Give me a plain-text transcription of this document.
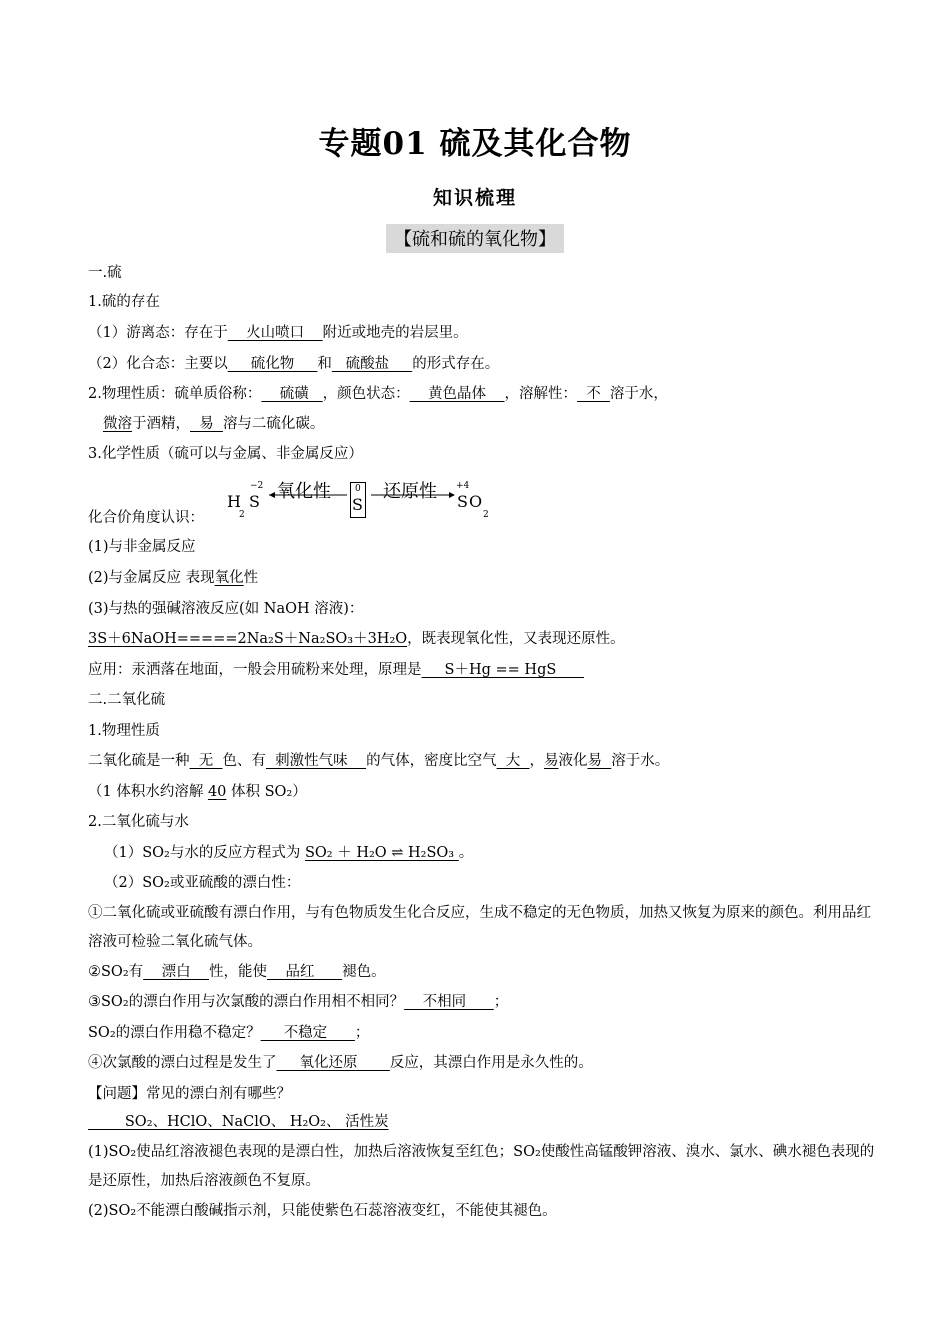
专题01 硫及其化合物
知识梳理
【硫和硫的氧化物】
一.硫
1.硫的存在
（1）游离态：存在于    火山喷口    附近或地壳的岩层里。
（2）化合态：主要以     硫化物     和   硫酸盐     的形式存在。
2.物理性质：硫单质俗称：    硫磺   ，颜色状态：    黄色晶体    ，溶解性：  不  溶于水，
微溶于酒精，  易  溶与二硫化碳。
3.化学性质（硫可以与金属、非金属反应）
化合价角度认识：
H
2
S
−2 氧化性	0
S
还原性 +4
S O
2
(1)与非金属反应
(2)与金属反应 表现氧化性
(3)与热的强碱溶液反应(如 NaOH 溶液)：
3S＋6NaOH=====2Na₂S＋Na₂SO₃＋3H₂O，既表现氧化性，又表现还原性。
应用：汞洒落在地面，一般会用硫粉来处理，原理是     S＋Hg == HgS
二.二氧化硫
1.物理性质
二氧化硫是一种  无  色、有  刺激性气味    的气体，密度比空气  大  ，易液化易  溶于水。
（1 体积水约溶解 40 体积 SO₂）
2.二氧化硫与水
（1）SO₂与水的反应方程式为 SO₂ ＋ H₂O ⇌ H₂SO₃ 。
（2）SO₂或亚硫酸的漂白性：
①二氧化硫或亚硫酸有漂白作用，与有色物质发生化合反应，生成不稳定的无色物质，加热又恢复为原来的颜色。利用品红溶液可检验二氧化硫气体。
②SO₂有    漂白    性，能使    品红      褪色。
③SO₂的漂白作用与次氯酸的漂白作用相不相同？    不相同      ；
SO₂的漂白作用稳不稳定？     不稳定      ；
④次氯酸的漂白过程是发生了     氧化还原       反应，其漂白作用是永久性的。
【问题】常见的漂白剂有哪些？
SO₂、HClO、NaClO、 H₂O₂、 活性炭
(1)SO₂使品红溶液褪色表现的是漂白性，加热后溶液恢复至红色；SO₂使酸性高锰酸钾溶液、溴水、氯水、碘水褪色表现的是还原性，加热后溶液颜色不复原。
(2)SO₂不能漂白酸碱指示剂，只能使紫色石蕊溶液变红，不能使其褪色。
